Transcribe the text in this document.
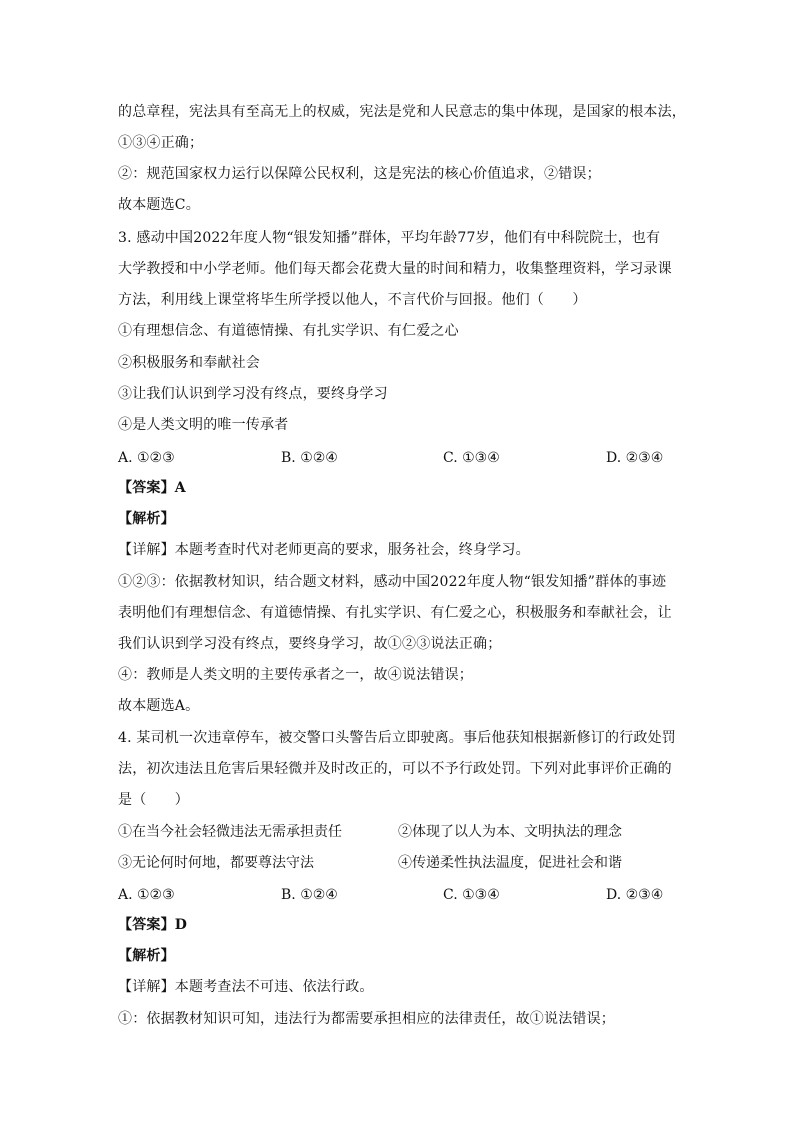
的总章程，宪法具有至高无上的权威，宪法是党和人民意志的集中体现，是国家的根本法，
①③④正确；
②：规范国家权力运行以保障公民权利，这是宪法的核心价值追求，②错误；
故本题选C。
3. 感动中国2022年度人物“银发知播”群体，平均年龄77岁，他们有中科院院士，也有
大学教授和中小学老师。他们每天都会花费大量的时间和精力，收集整理资料，学习录课
方法，利用线上课堂将毕生所学授以他人，不言代价与回报。他们（　　）
①有理想信念、有道德情操、有扎实学识、有仁爱之心
②积极服务和奉献社会
③让我们认识到学习没有终点，要终身学习
④是人类文明的唯一传承者
A. ①②③	B. ①②④	C. ①③④	D. ②③④
【答案】A
【解析】
【详解】本题考查时代对老师更高的要求，服务社会，终身学习。
①②③：依据教材知识，结合题文材料，感动中国2022年度人物“银发知播”群体的事迹
表明他们有理想信念、有道德情操、有扎实学识、有仁爱之心，积极服务和奉献社会，让
我们认识到学习没有终点，要终身学习，故①②③说法正确；
④：教师是人类文明的主要传承者之一，故④说法错误；
故本题选A。
4. 某司机一次违章停车，被交警口头警告后立即驶离。事后他获知根据新修订的行政处罚
法，初次违法且危害后果轻微并及时改正的，可以不予行政处罚。下列对此事评价正确的
是（　　）
①在当今社会轻微违法无需承担责任	②体现了以人为本、文明执法的理念
③无论何时何地，都要尊法守法	④传递柔性执法温度，促进社会和谐
A. ①②③	B. ①②④	C. ①③④	D. ②③④
【答案】D
【解析】
【详解】本题考查法不可违、依法行政。
①：依据教材知识可知，违法行为都需要承担相应的法律责任，故①说法错误；
